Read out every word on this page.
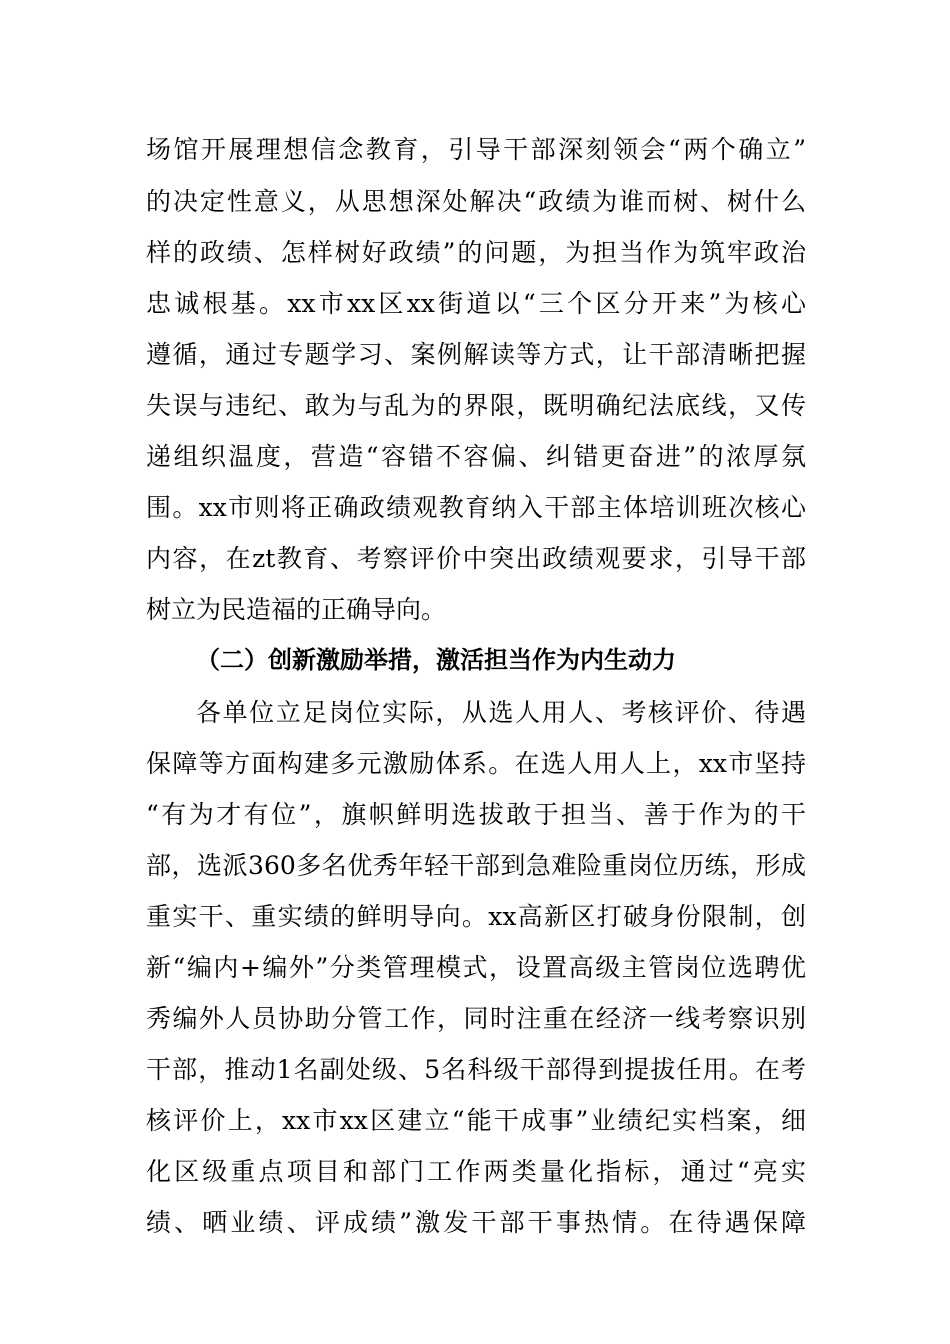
场馆开展理想信念教育，引导干部深刻领会“两个确立”
的决定性意义，从思想深处解决“政绩为谁而树、树什么
样的政绩、怎样树好政绩”的问题，为担当作为筑牢政治
忠诚根基。xx市xx区xx街道以“三个区分开来”为核心
遵循，通过专题学习、案例解读等方式，让干部清晰把握
失误与违纪、敢为与乱为的界限，既明确纪法底线，又传
递组织温度，营造“容错不容偏、纠错更奋进”的浓厚氛
围。xx市则将正确政绩观教育纳入干部主体培训班次核心
内容，在zt教育、考察评价中突出政绩观要求，引导干部
树立为民造福的正确导向。
（二）创新激励举措，激活担当作为内生动力
各单位立足岗位实际，从选人用人、考核评价、待遇
保障等方面构建多元激励体系。在选人用人上，xx市坚持
“有为才有位”，旗帜鲜明选拔敢于担当、善于作为的干
部，选派360多名优秀年轻干部到急难险重岗位历练，形成
重实干、重实绩的鲜明导向。xx高新区打破身份限制，创
新“编内+编外”分类管理模式，设置高级主管岗位选聘优
秀编外人员协助分管工作，同时注重在经济一线考察识别
干部，推动1名副处级、5名科级干部得到提拔任用。在考
核评价上，xx市xx区建立“能干成事”业绩纪实档案，细
化区级重点项目和部门工作两类量化指标，通过“亮实
绩、晒业绩、评成绩”激发干部干事热情。在待遇保障
